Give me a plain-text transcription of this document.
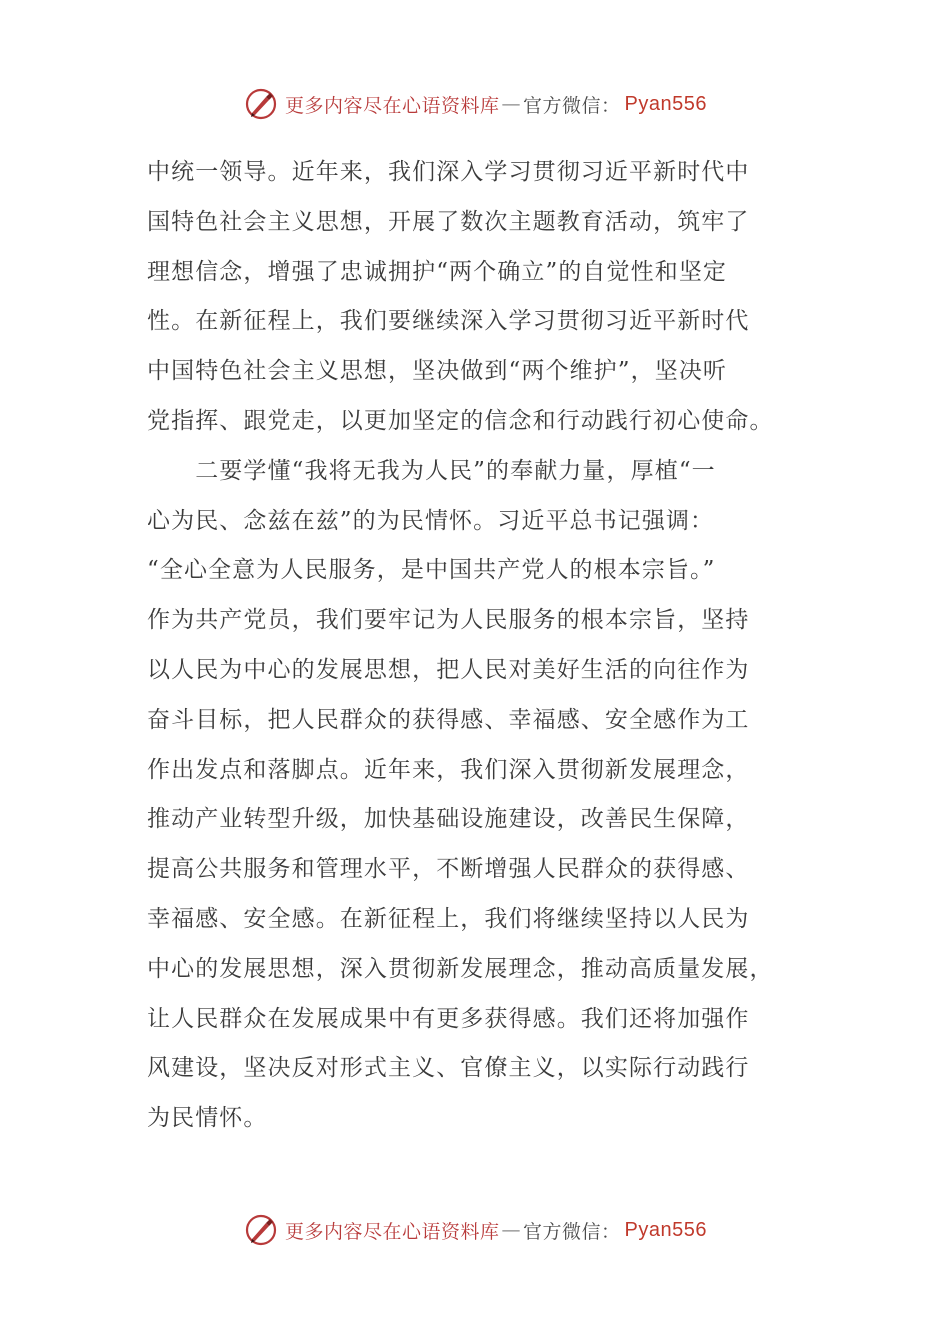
更多内容尽在心语资料库 — 官方微信： Pyan556
中统一领导。近年来，我们深入学习贯彻习近平新时代中
国特色社会主义思想，开展了数次主题教育活动，筑牢了
理想信念，增强了忠诚拥护“两个确立”的自觉性和坚定
性。在新征程上，我们要继续深入学习贯彻习近平新时代
中国特色社会主义思想，坚决做到“两个维护”，坚决听
党指挥、跟党走，以更加坚定的信念和行动践行初心使命。
　　二要学懂“我将无我为人民”的奉献力量，厚植“一
心为民、念兹在兹”的为民情怀。习近平总书记强调：
“全心全意为人民服务，是中国共产党人的根本宗旨。”
作为共产党员，我们要牢记为人民服务的根本宗旨，坚持
以人民为中心的发展思想，把人民对美好生活的向往作为
奋斗目标，把人民群众的获得感、幸福感、安全感作为工
作出发点和落脚点。近年来，我们深入贯彻新发展理念，
推动产业转型升级，加快基础设施建设，改善民生保障，
提高公共服务和管理水平，不断增强人民群众的获得感、
幸福感、安全感。在新征程上，我们将继续坚持以人民为
中心的发展思想，深入贯彻新发展理念，推动高质量发展，
让人民群众在发展成果中有更多获得感。我们还将加强作
风建设，坚决反对形式主义、官僚主义，以实际行动践行
为民情怀。
更多内容尽在心语资料库 — 官方微信： Pyan556
